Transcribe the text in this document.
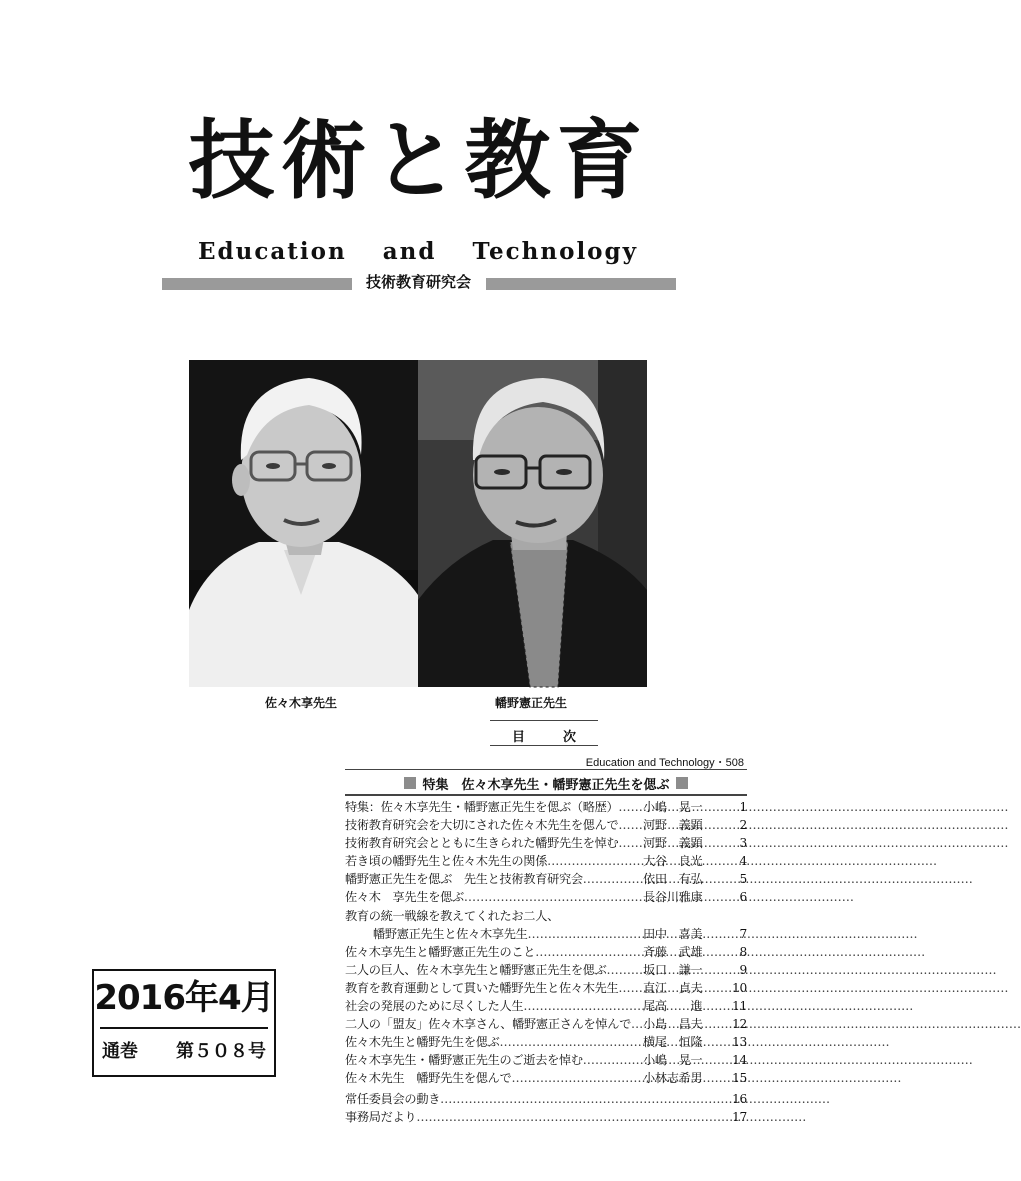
技術と教育
Education and Technology
技術教育研究会
佐々木享先生	幡野憲正先生
目	次
Education and Technology・508
特集　佐々木享先生・幡野憲正先生を偲ぶ
特集：佐々木享先生・幡野憲正先生を偲ぶ（略歴） …………………………………………………………………………………… 小嶋　晃一	1
技術教育研究会を大切にされた佐々木先生を偲んで …………………………………………………………………………………… 河野　義顕	2
技術教育研究会とともに生きられた幡野先生を悼む …………………………………………………………………………………… 河野　義顕	3
若き頃の幡野先生と佐々木先生の関係 ……………………………………………………………………………………	大谷　良光	4
幡野憲正先生を偲ぶ　先生と技術教育研究会 ……………………………………………………………………………………	依田　有弘	5
佐々木　享先生を偲ぶ ……………………………………………………………………………………	長谷川雅康	6
教育の統一戦線を教えてくれたお二人、
幡野憲正先生と佐々木享先生 ……………………………………………………………………………………	田中　喜美	7
佐々木享先生と幡野憲正先生のこと ……………………………………………………………………………………	斉藤　武雄	8
二人の巨人、佐々木享先生と幡野憲正先生を偲ぶ ……………………………………………………………………………………	坂口　謙一	9
教育を教育運動として貫いた幡野先生と佐々木先生 …………………………………………………………………………………… 直江　貞夫	10
社会の発展のために尽くした人生 ……………………………………………………………………………………	尾高　　進	11
二人の「盟友」佐々木享さん、幡野憲正さんを悼んで …………………………………………………………………………………… 小島　昌夫	12
佐々木先生と幡野先生を偲ぶ ……………………………………………………………………………………	横尾　恒隆	13
佐々木享先生・幡野憲正先生のご逝去を悼む ……………………………………………………………………………………	小嶋　晃一	14
佐々木先生　幡野先生を偲んで ……………………………………………………………………………………	小林志希男	15
常任委員会の動き ……………………………………………………………………………………	16
事務局だより ……………………………………………………………………………………	17
2016年4月
通巻 第５０８号
